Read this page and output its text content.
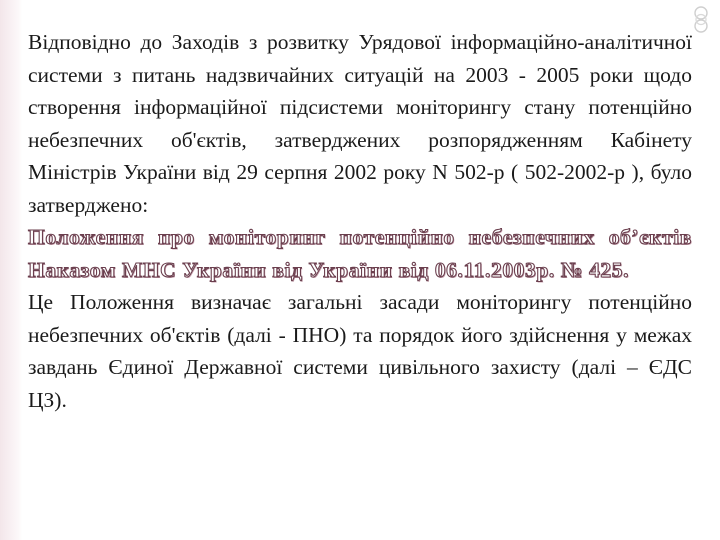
Відповідно до Заходів з розвитку Урядової інформаційно-аналітичної системи з питань надзвичайних ситуацій на 2003 - 2005 роки щодо створення інформаційної підсистеми моніторингу стану потенційно небезпечних об'єктів, затверджених розпорядженням Кабінету Міністрів України від 29 серпня 2002 року N 502-р ( 502-2002-р ), було затверджено:

Положення про моніторинг потенційно небезпечних об’єктів Наказом МНС України від України від 06.11.2003р. № 425.

Це Положення визначає загальні засади моніторингу потенційно небезпечних об'єктів (далі - ПНО) та порядок його здійснення у межах завдань Єдиної Державної системи цивільного захисту (далі – ЄДС ЦЗ).
